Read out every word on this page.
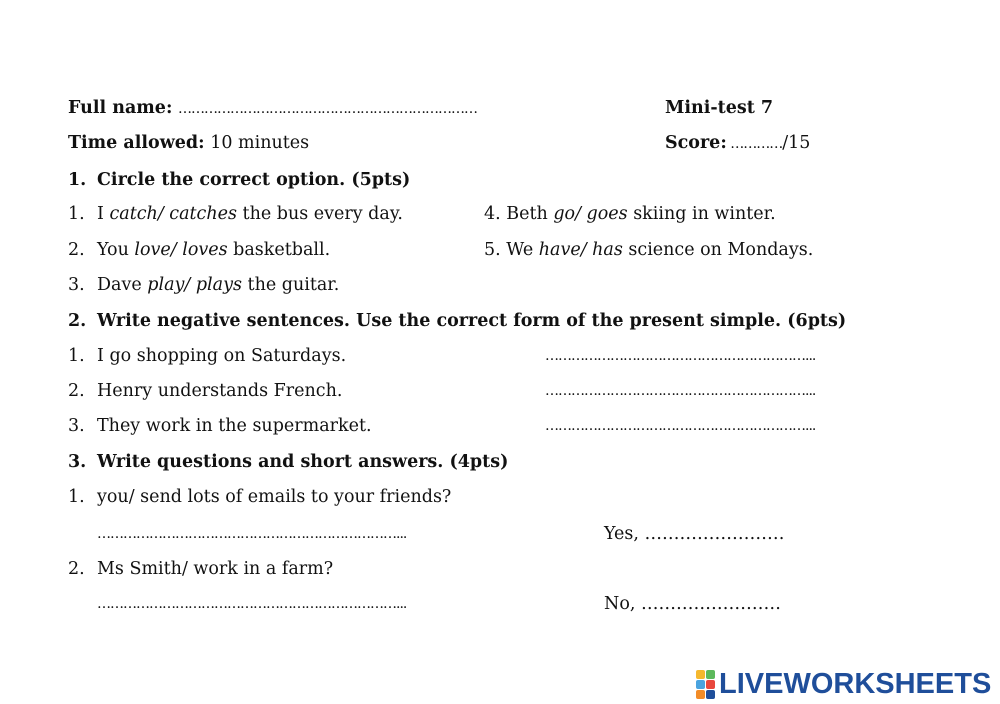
Full name: ……………………………………………………………	Mini-test 7
Time allowed: 10 minutes	Score: …………/15
1. Circle the correct option. (5pts)
1. I catch/ catches the bus every day.	4. Beth go/ goes skiing in winter.
2. You love/ loves basketball.	5. We have/ has science on Mondays.
3. Dave play/ plays the guitar.
2. Write negative sentences. Use the correct form of the present simple. (6pts)
1. I go shopping on Saturdays.	……………………………………………………...
2. Henry understands French.	……………………………………………………...
3. They work in the supermarket.	……………………………………………………...
3. Write questions and short answers. (4pts)
1. you/ send lots of emails to your friends?
……………………………………………………………...	Yes, ……………………
2. Ms Smith/ work in a farm?
……………………………………………………………...	No, ……………………
LIVEWORKSHEETS
